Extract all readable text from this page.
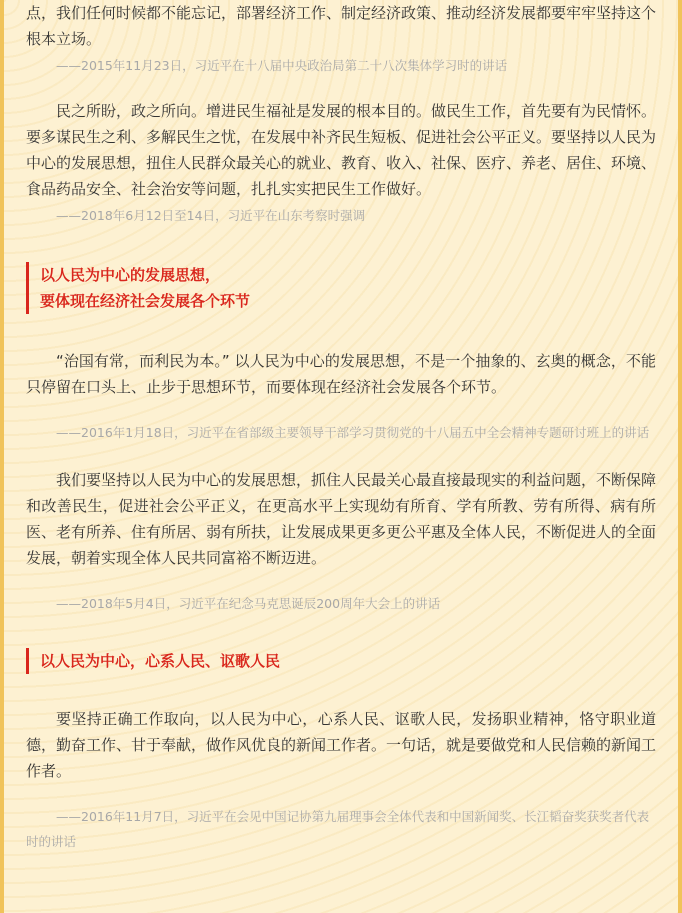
点，我们任何时候都不能忘记，部署经济工作、制定经济政策、推动经济发展都要牢牢坚持这个根本立场。

——2015年11月23日，习近平在十八届中央政治局第二十八次集体学习时的讲话

民之所盼，政之所向。增进民生福祉是发展的根本目的。做民生工作，首先要有为民情怀。要多谋民生之利、多解民生之忧，在发展中补齐民生短板、促进社会公平正义。要坚持以人民为中心的发展思想，扭住人民群众最关心的就业、教育、收入、社保、医疗、养老、居住、环境、食品药品安全、社会治安等问题，扎扎实实把民生工作做好。

——2018年6月12日至14日，习近平在山东考察时强调

以人民为中心的发展思想，
要体现在经济社会发展各个环节

“治国有常，而利民为本。” 以人民为中心的发展思想，不是一个抽象的、玄奥的概念，不能只停留在口头上、止步于思想环节，而要体现在经济社会发展各个环节。

——2016年1月18日，习近平在省部级主要领导干部学习贯彻党的十八届五中全会精神专题研讨班上的讲话

我们要坚持以人民为中心的发展思想，抓住人民最关心最直接最现实的利益问题，不断保障和改善民生，促进社会公平正义，在更高水平上实现幼有所育、学有所教、劳有所得、病有所医、老有所养、住有所居、弱有所扶，让发展成果更多更公平惠及全体人民，不断促进人的全面发展，朝着实现全体人民共同富裕不断迈进。

——2018年5月4日，习近平在纪念马克思诞辰200周年大会上的讲话

以人民为中心，心系人民、讴歌人民

要坚持正确工作取向，以人民为中心，心系人民、讴歌人民，发扬职业精神，恪守职业道德，勤奋工作、甘于奉献，做作风优良的新闻工作者。一句话，就是要做党和人民信赖的新闻工作者。

——2016年11月7日，习近平在会见中国记协第九届理事会全体代表和中国新闻奖、长江韬奋奖获奖者代表时的讲话
